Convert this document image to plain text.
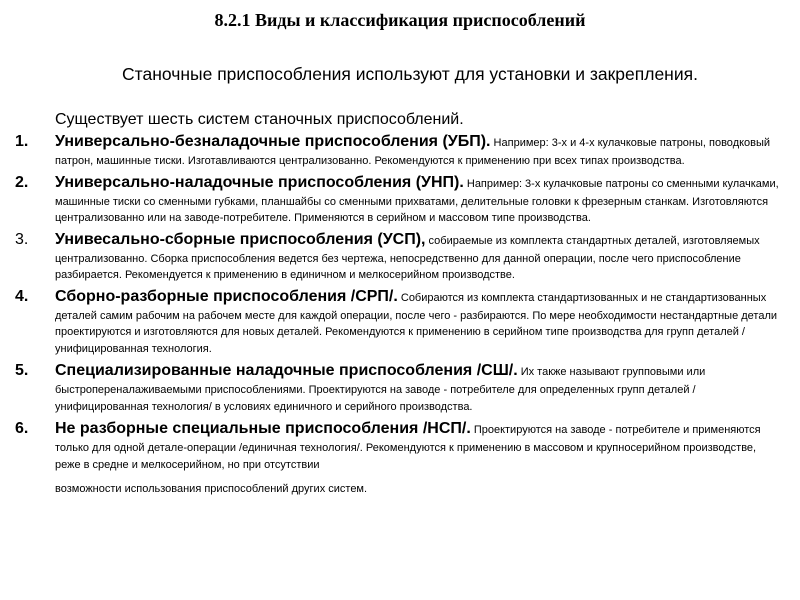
8.2.1 Виды и классификация приспособлений
Станочные приспособления используют для установки и закрепления.
Существует шесть систем станочных приспособлений.
1. Универсально-безналадочные приспособления (УБП). Например: 3-х и 4-х кулачковые патроны, поводковый патрон, машинные тиски. Изготавливаются централизованно. Рекомендуются к применению при всех типах производства.
2. Универсально-наладочные приспособления (УНП). Например: 3-х кулачковые патроны со сменными кулачками, машинные тиски со сменными губками, планшайбы со сменными прихватами, делительные головки к фрезерным станкам. Изготовляются централизованно или на заводе-потребителе. Применяются в серийном и массовом типе производства.
3. Унивесально-сборные приспособления (УСП), собираемые из комплекта стандартных деталей, изготовляемых централизованно. Сборка приспособления ведется без чертежа, непосредственно для данной операции, после чего приспособление разбирается. Рекомендуется к применению в единичном и мелкосерийном производстве.
4. Сборно-разборные приспособления /СРП/. Собираются из комплекта стандартизованных и не стандартизованных деталей самим рабочим на рабочем месте для каждой операции, после чего - разбираются. По мере необходимости нестандартные детали проектируются и изготовляются для новых деталей. Рекомендуются к применению в серийном типе производства для групп деталей /унифицированная технология.
5. Специализированные наладочные приспособления /СШ/. Их также называют групповыми или быстропереналаживаемыми приспособлениями. Проектируются на заводе - потребителе для определенных групп деталей / унифицированная технология/ в условиях единичного и серийного производства.
6. Не разборные специальные приспособления /НСП/. Проектируются на заводе - потребителе и применяются только для одной детале-операции /единичная технология/. Рекомендуются к применению в массовом и крупносерийном производстве, реже в средне и мелкосерийном, но при отсутствии
возможности использования приспособлений других систем.
